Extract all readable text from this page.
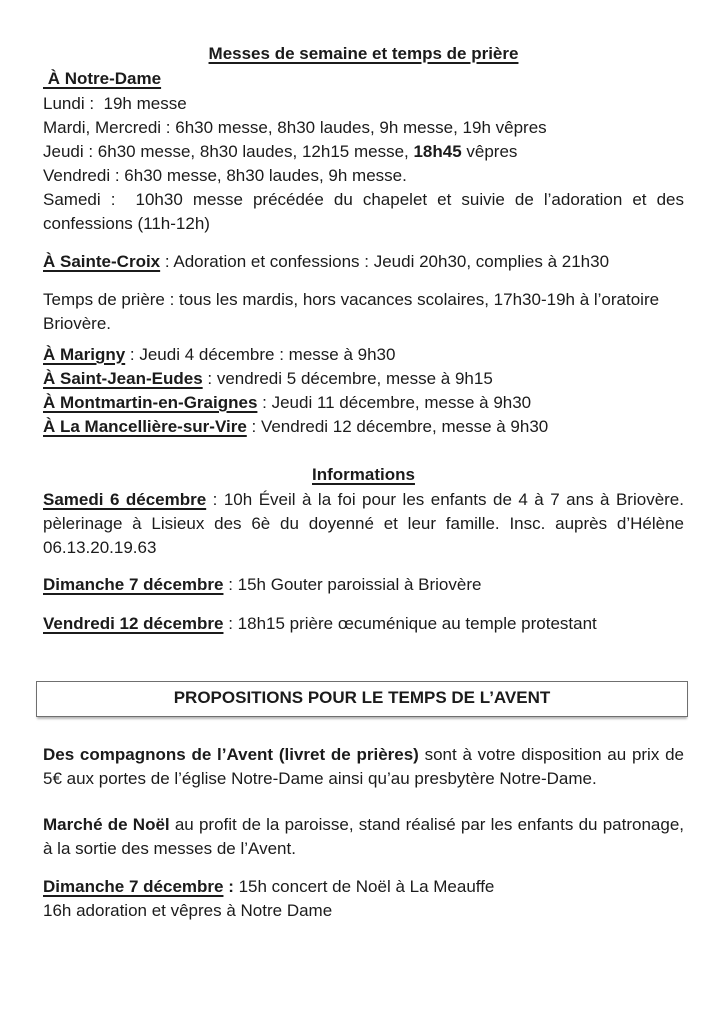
Messes de semaine et temps de prière
À Notre-Dame
Lundi :  19h messe
Mardi, Mercredi : 6h30 messe, 8h30 laudes, 9h messe, 19h vêpres
Jeudi : 6h30 messe, 8h30 laudes, 12h15 messe, 18h45 vêpres
Vendredi : 6h30 messe, 8h30 laudes, 9h messe.
Samedi :  10h30 messe précédée du chapelet et suivie de l’adoration et des confessions (11h-12h)
À Sainte-Croix : Adoration et confessions : Jeudi 20h30, complies à 21h30
Temps de prière : tous les mardis, hors vacances scolaires, 17h30-19h à l’oratoire Briovère.
À Marigny : Jeudi 4 décembre : messe à 9h30
À Saint-Jean-Eudes : vendredi 5 décembre, messe à 9h15
À Montmartin-en-Graignes : Jeudi 11 décembre, messe à 9h30
À La Mancellière-sur-Vire : Vendredi 12 décembre, messe à 9h30
Informations
Samedi 6 décembre : 10h Éveil à la foi pour les enfants de 4 à 7 ans à Briovère. pèlerinage à Lisieux des 6è du doyenné et leur famille. Insc. auprès d’Hélène 06.13.20.19.63
Dimanche 7 décembre : 15h Gouter paroissial à Briovère
Vendredi 12 décembre : 18h15 prière œcuménique au temple protestant
PROPOSITIONS POUR LE TEMPS DE L’AVENT
Des compagnons de l’Avent (livret de prières) sont à votre disposition au prix de 5€ aux portes de l’église Notre-Dame ainsi qu’au presbytère Notre-Dame.
Marché de Noël au profit de la paroisse, stand réalisé par les enfants du patronage, à la sortie des messes de l’Avent.
Dimanche 7 décembre : 15h concert de Noël à La Meauffe
16h adoration et vêpres à Notre Dame
